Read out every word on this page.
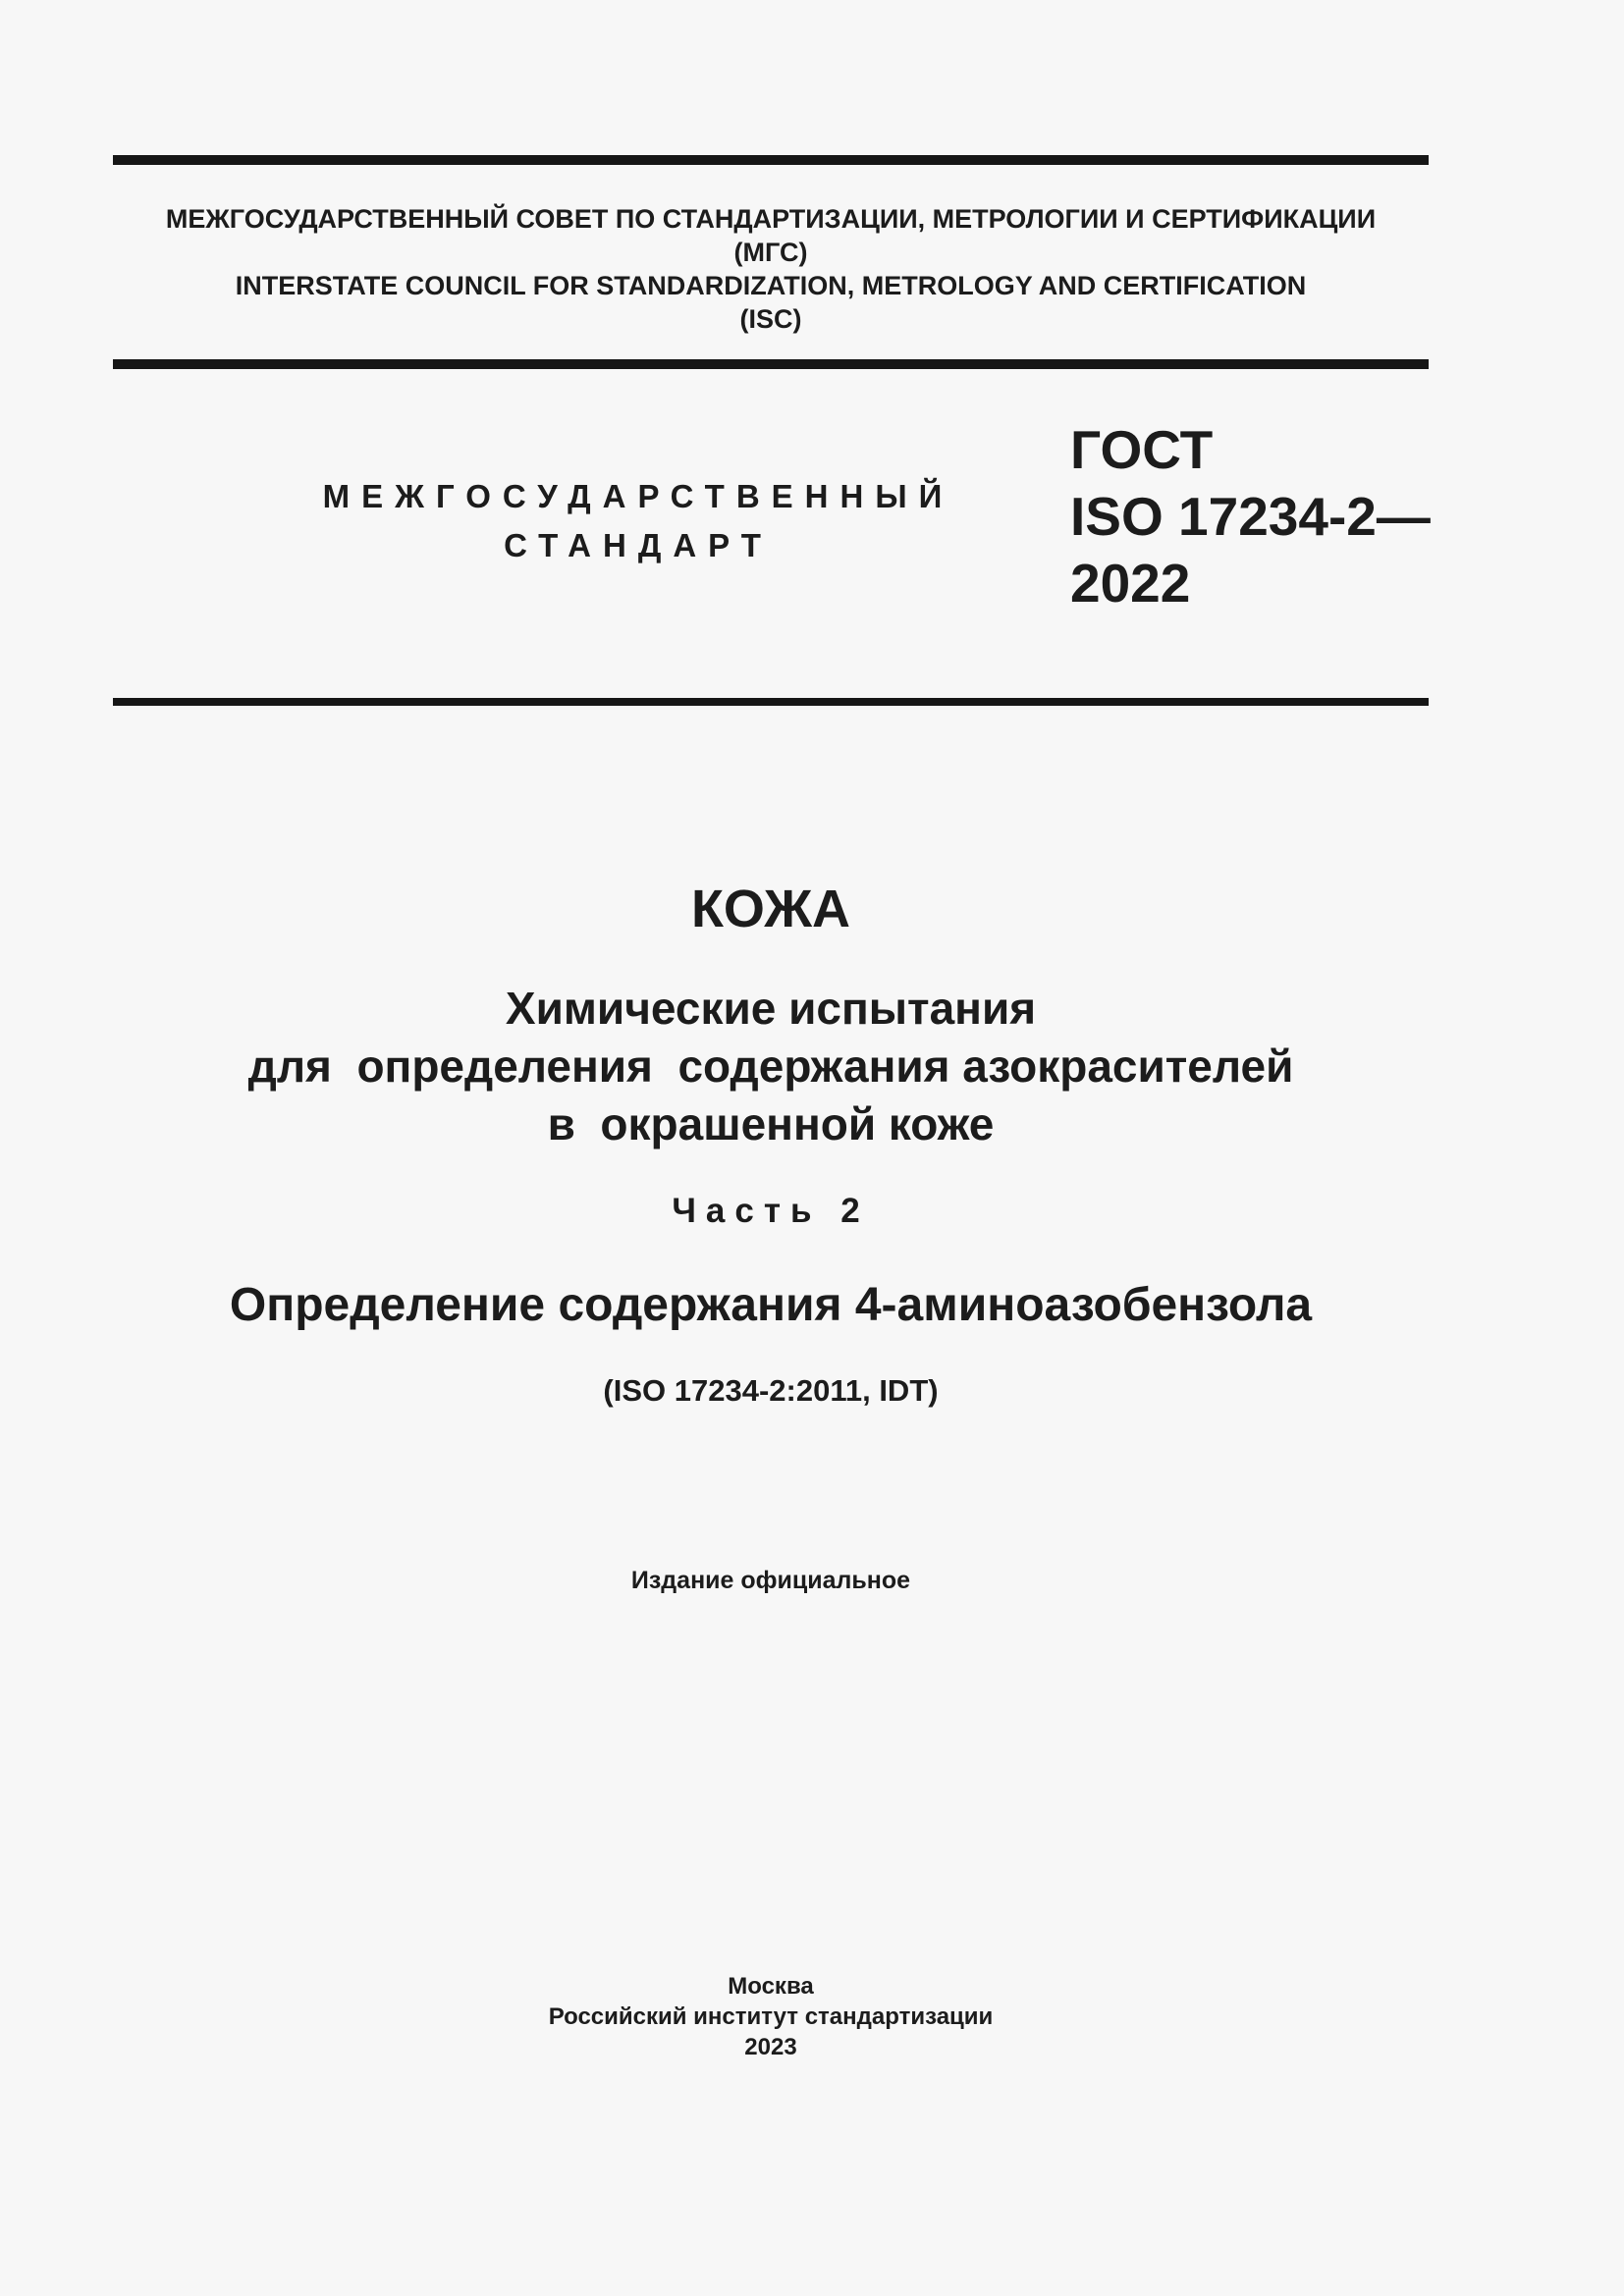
МЕЖГОСУДАРСТВЕННЫЙ СОВЕТ ПО СТАНДАРТИЗАЦИИ, МЕТРОЛОГИИ И СЕРТИФИКАЦИИ
(МГС)
INTERSTATE COUNCIL FOR STANDARDIZATION, METROLOGY AND CERTIFICATION
(ISC)
МЕЖГОСУДАРСТВЕННЫЙ
СТАНДАРТ
ГОСТ
ISO 17234-2—
2022
КОЖА
Химические испытания
для  определения  содержания азокрасителей
в  окрашенной коже
Часть 2
Определение содержания 4-аминоазобензола
(ISO 17234-2:2011, IDT)
Издание официальное
Москва
Российский институт стандартизации
2023
